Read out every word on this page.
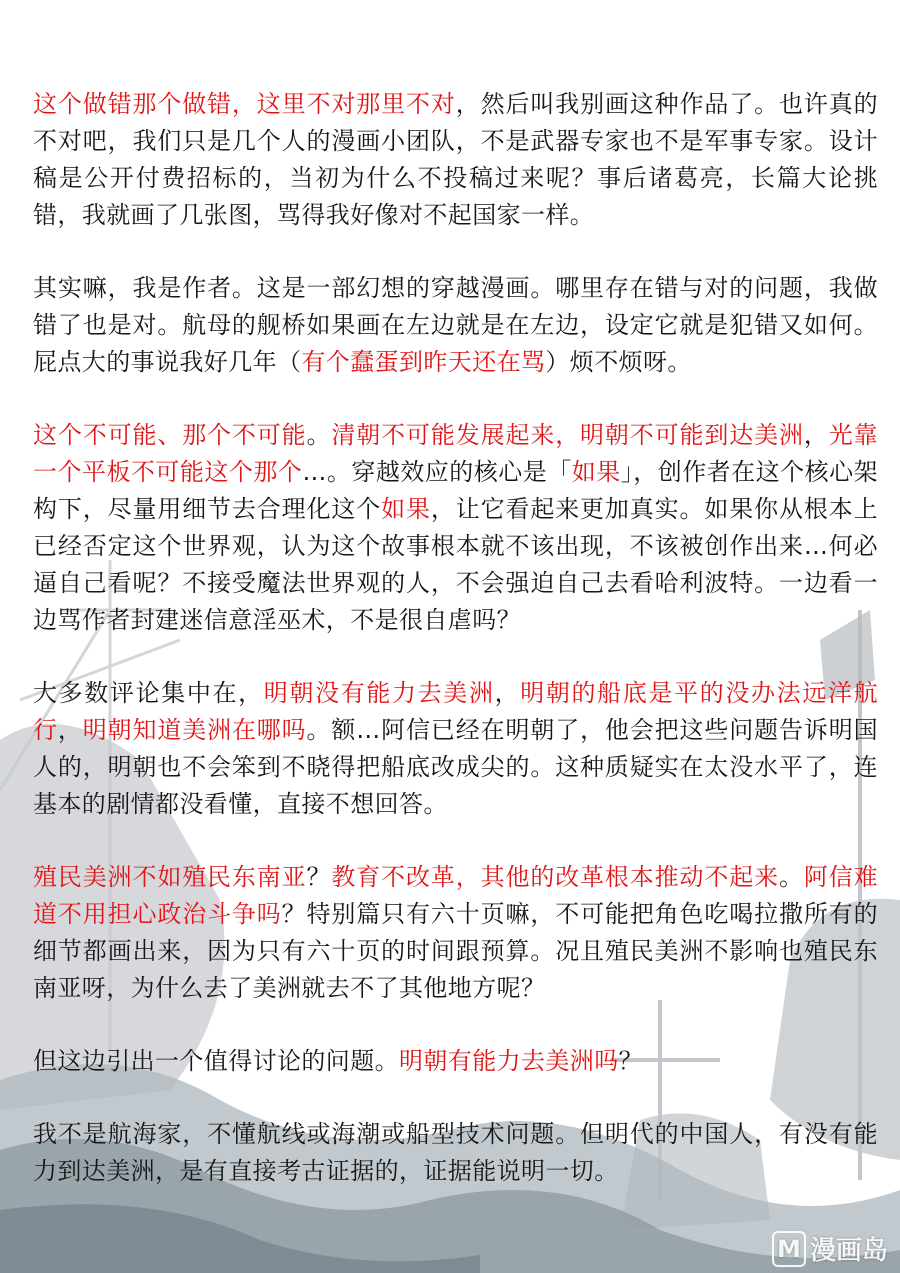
这个做错那个做错，这里不对那里不对，然后叫我别画这种作品了。也许真的不对吧，我们只是几个人的漫画小团队，不是武器专家也不是军事专家。设计稿是公开付费招标的，当初为什么不投稿过来呢？事后诸葛亮，长篇大论挑错，我就画了几张图，骂得我好像对不起国家一样。

其实嘛，我是作者。这是一部幻想的穿越漫画。哪里存在错与对的问题，我做错了也是对。航母的舰桥如果画在左边就是在左边，设定它就是犯错又如何。屁点大的事说我好几年（有个蠢蛋到昨天还在骂）烦不烦呀。

这个不可能、那个不可能。清朝不可能发展起来，明朝不可能到达美洲，光靠一个平板不可能这个那个…。穿越效应的核心是「如果」，创作者在这个核心架构下，尽量用细节去合理化这个如果，让它看起来更加真实。如果你从根本上已经否定这个世界观，认为这个故事根本就不该出现，不该被创作出来…何必逼自己看呢？不接受魔法世界观的人，不会强迫自己去看哈利波特。一边看一边骂作者封建迷信意淫巫术，不是很自虐吗？

大多数评论集中在，明朝没有能力去美洲，明朝的船底是平的没办法远洋航行，明朝知道美洲在哪吗。额…阿信已经在明朝了，他会把这些问题告诉明国人的，明朝也不会笨到不晓得把船底改成尖的。这种质疑实在太没水平了，连基本的剧情都没看懂，直接不想回答。

殖民美洲不如殖民东南亚？教育不改革，其他的改革根本推动不起来。阿信难道不用担心政治斗争吗？特别篇只有六十页嘛，不可能把角色吃喝拉撒所有的细节都画出来，因为只有六十页的时间跟预算。况且殖民美洲不影响也殖民东南亚呀，为什么去了美洲就去不了其他地方呢？

但这边引出一个值得讨论的问题。明朝有能力去美洲吗？

我不是航海家，不懂航线或海潮或船型技术问题。但明代的中国人，有没有能力到达美洲，是有直接考古证据的，证据能说明一切。

M 漫画岛
